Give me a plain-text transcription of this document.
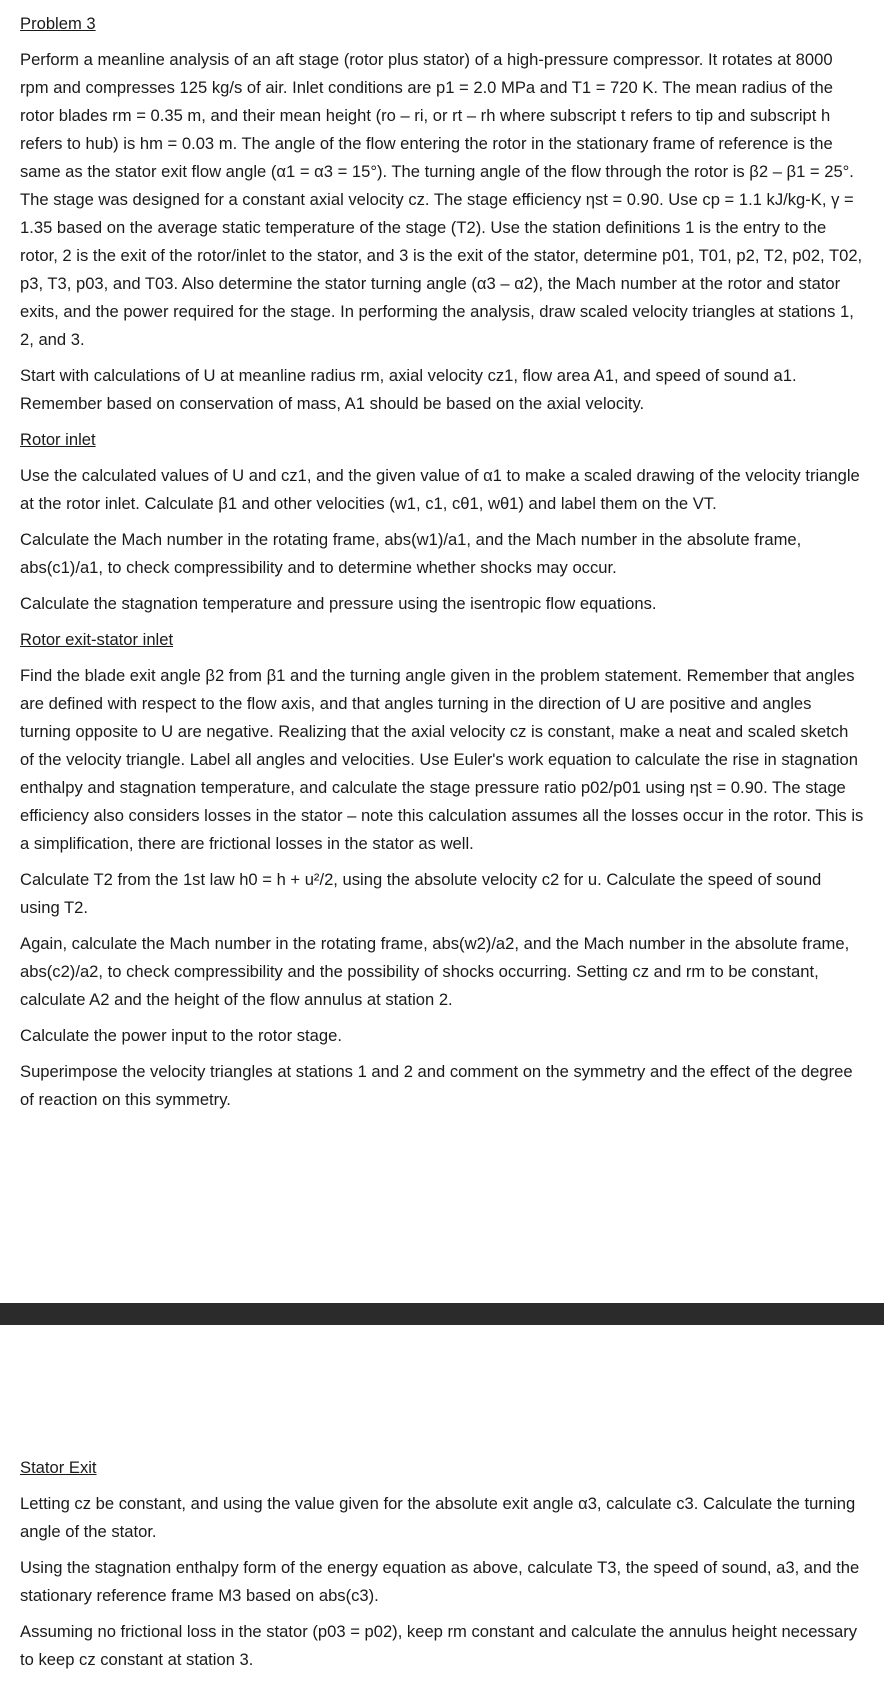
Problem 3

Perform a meanline analysis of an aft stage (rotor plus stator) of a high-pressure compressor. It rotates at 8000 rpm and compresses 125 kg/s of air. Inlet conditions are p1 = 2.0 MPa and T1 = 720 K. The mean radius of the rotor blades rm = 0.35 m, and their mean height (ro – ri, or rt – rh where subscript t refers to tip and subscript h refers to hub) is hm = 0.03 m. The angle of the flow entering the rotor in the stationary frame of reference is the same as the stator exit flow angle (α1 = α3 = 15°). The turning angle of the flow through the rotor is β2 – β1 = 25°. The stage was designed for a constant axial velocity cz. The stage efficiency ηst = 0.90. Use cp = 1.1 kJ/kg-K, γ = 1.35 based on the average static temperature of the stage (T2). Use the station definitions 1 is the entry to the rotor, 2 is the exit of the rotor/inlet to the stator, and 3 is the exit of the stator, determine p01, T01, p2, T2, p02, T02, p3, T3, p03, and T03. Also determine the stator turning angle (α3 – α2), the Mach number at the rotor and stator exits, and the power required for the stage. In performing the analysis, draw scaled velocity triangles at stations 1, 2, and 3.

Start with calculations of U at meanline radius rm, axial velocity cz1, flow area A1, and speed of sound a1. Remember based on conservation of mass, A1 should be based on the axial velocity.

Rotor inlet

Use the calculated values of U and cz1, and the given value of α1 to make a scaled drawing of the velocity triangle at the rotor inlet. Calculate β1 and other velocities (w1, c1, cθ1, wθ1) and label them on the VT.

Calculate the Mach number in the rotating frame, abs(w1)/a1, and the Mach number in the absolute frame, abs(c1)/a1, to check compressibility and to determine whether shocks may occur.

Calculate the stagnation temperature and pressure using the isentropic flow equations.

Rotor exit-stator inlet

Find the blade exit angle β2 from β1 and the turning angle given in the problem statement. Remember that angles are defined with respect to the flow axis, and that angles turning in the direction of U are positive and angles turning opposite to U are negative. Realizing that the axial velocity cz is constant, make a neat and scaled sketch of the velocity triangle. Label all angles and velocities. Use Euler's work equation to calculate the rise in stagnation enthalpy and stagnation temperature, and calculate the stage pressure ratio p02/p01 using ηst = 0.90. The stage efficiency also considers losses in the stator – note this calculation assumes all the losses occur in the rotor. This is a simplification, there are frictional losses in the stator as well.

Calculate T2 from the 1st law h0 = h + u²/2, using the absolute velocity c2 for u. Calculate the speed of sound using T2.

Again, calculate the Mach number in the rotating frame, abs(w2)/a2, and the Mach number in the absolute frame, abs(c2)/a2, to check compressibility and the possibility of shocks occurring. Setting cz and rm to be constant, calculate A2 and the height of the flow annulus at station 2.

Calculate the power input to the rotor stage.

Superimpose the velocity triangles at stations 1 and 2 and comment on the symmetry and the effect of the degree of reaction on this symmetry.

Stator Exit

Letting cz be constant, and using the value given for the absolute exit angle α3, calculate c3. Calculate the turning angle of the stator.

Using the stagnation enthalpy form of the energy equation as above, calculate T3, the speed of sound, a3, and the stationary reference frame M3 based on abs(c3).

Assuming no frictional loss in the stator (p03 = p02), keep rm constant and calculate the annulus height necessary to keep cz constant at station 3.
